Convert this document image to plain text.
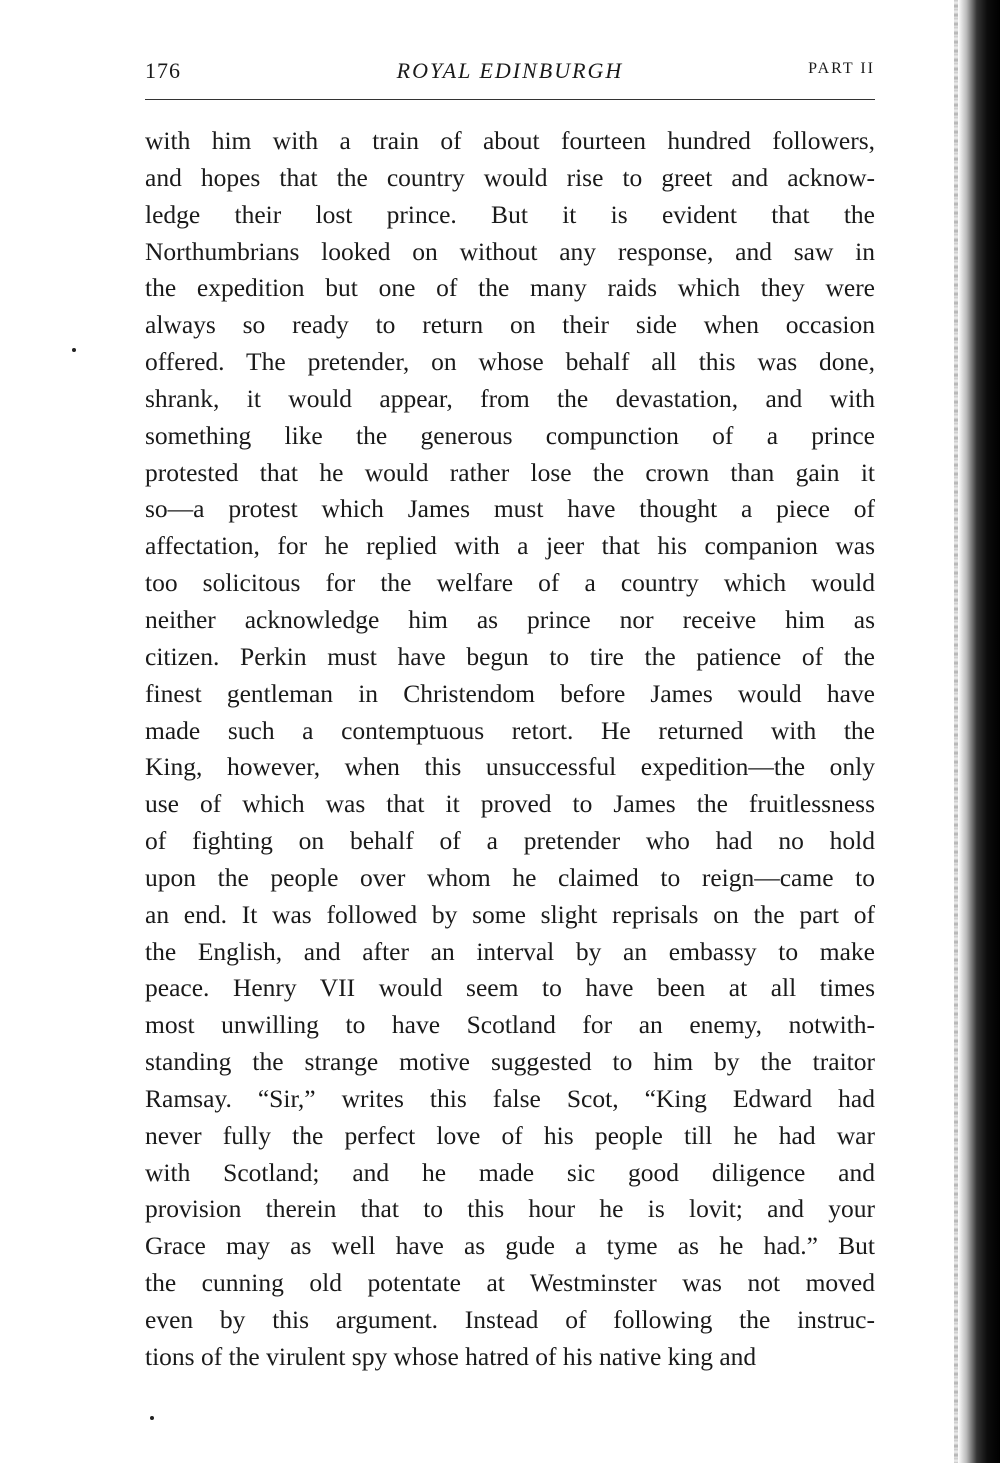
176	ROYAL EDINBURGH	PART II
with him with a train of about fourteen hundred followers,
and hopes that the country would rise to greet and acknow-
ledge their lost prince. But it is evident that the
Northumbrians looked on without any response, and saw in
the expedition but one of the many raids which they were
always so ready to return on their side when occasion
offered. The pretender, on whose behalf all this was done,
shrank, it would appear, from the devastation, and with
something like the generous compunction of a prince
protested that he would rather lose the crown than gain it
so—a protest which James must have thought a piece of
affectation, for he replied with a jeer that his companion was
too solicitous for the welfare of a country which would
neither acknowledge him as prince nor receive him as
citizen. Perkin must have begun to tire the patience of the
finest gentleman in Christendom before James would have
made such a contemptuous retort. He returned with the
King, however, when this unsuccessful expedition—the only
use of which was that it proved to James the fruitlessness
of fighting on behalf of a pretender who had no hold
upon the people over whom he claimed to reign—came to
an end. It was followed by some slight reprisals on the part of
the English, and after an interval by an embassy to make
peace. Henry VII would seem to have been at all times
most unwilling to have Scotland for an enemy, notwith-
standing the strange motive suggested to him by the traitor
Ramsay. “Sir,” writes this false Scot, “King Edward had
never fully the perfect love of his people till he had war
with Scotland; and he made sic good diligence and
provision therein that to this hour he is lovit; and your
Grace may as well have as gude a tyme as he had.” But
the cunning old potentate at Westminster was not moved
even by this argument. Instead of following the instruc-
tions of the virulent spy whose hatred of his native king and
